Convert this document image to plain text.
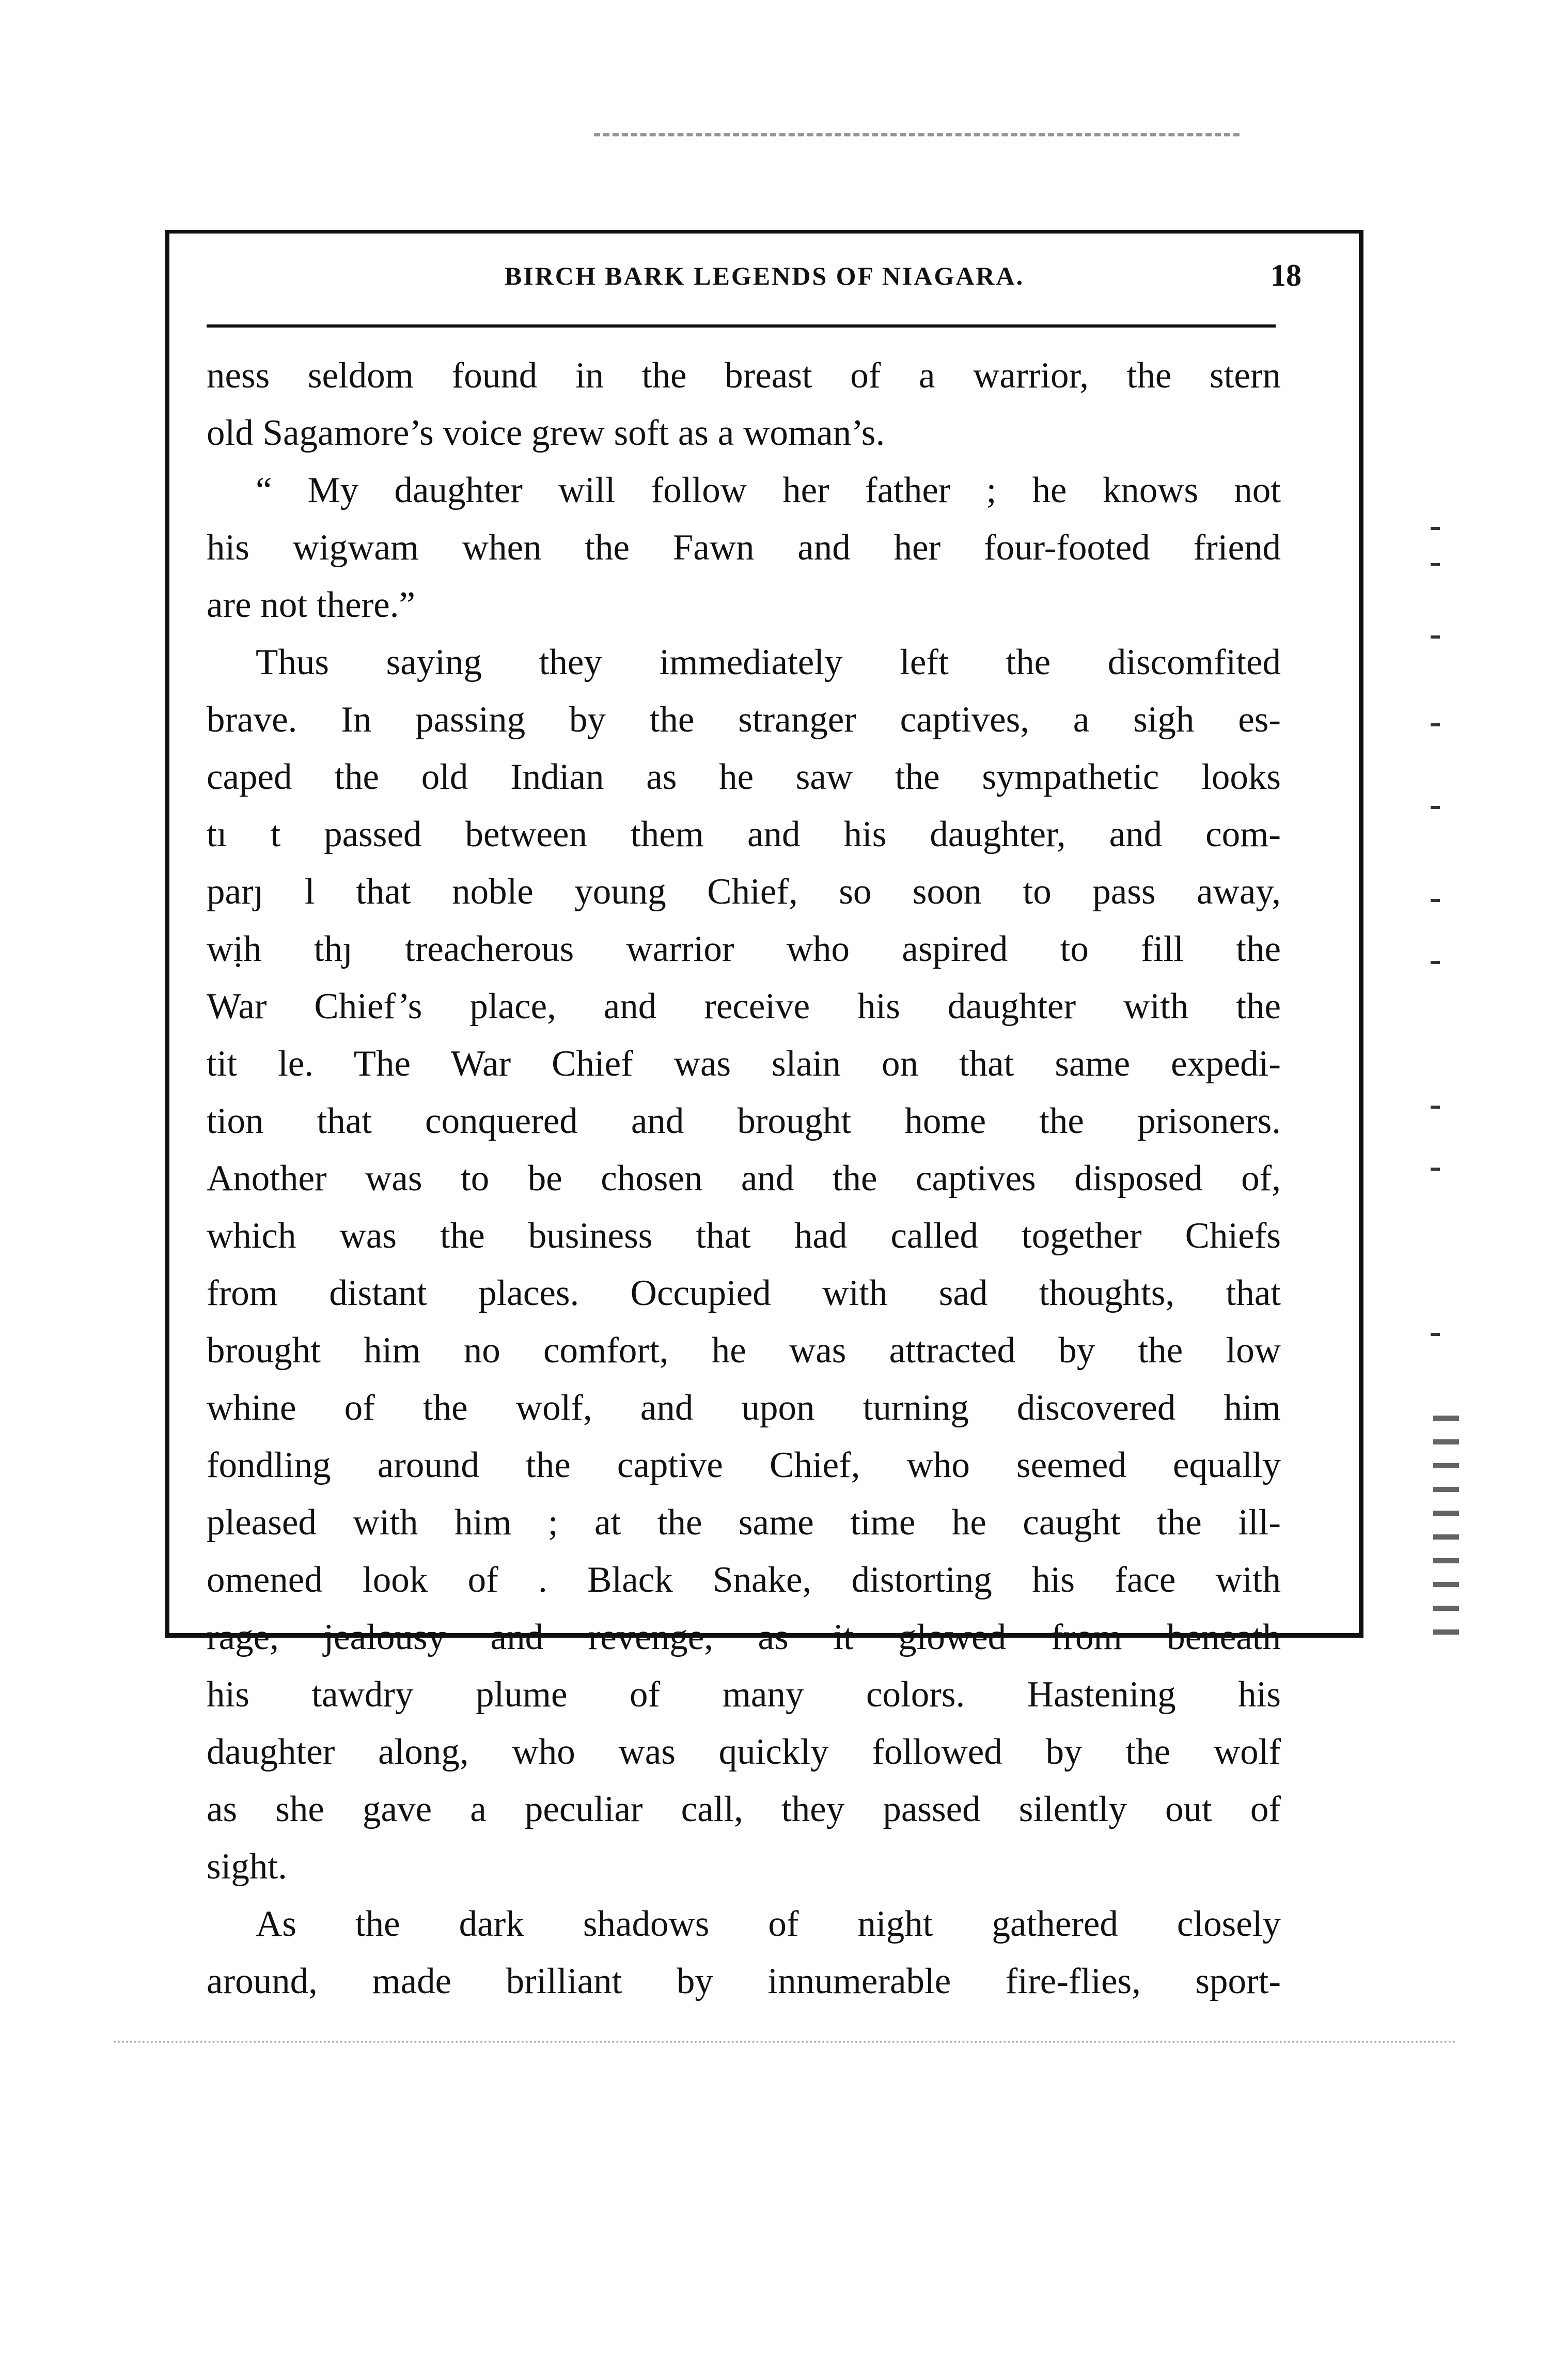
BIRCH BARK LEGENDS OF NIAGARA.	18
ness seldom found in the breast of a warrior, the stern
old Sagamore’s voice grew soft as a woman’s.
“ My daughter will follow her father ; he knows not
his wigwam when the Fawn and her four-footed friend
are not there.”
Thus saying they immediately left the discomfited
brave. In passing by the stranger captives, a sigh es-
caped the old Indian as he saw the sympathetic looks
tı t passed between them and his daughter, and com-
parȷ l that noble young Chief, so soon to pass away,
wịh thȷ treacherous warrior who aspired to fill the
War Chief’s place, and receive his daughter with the
tit le. The War Chief was slain on that same expedi-
tion that conquered and brought home the prisoners.
Another was to be chosen and the captives disposed of,
which was the business that had called together Chiefs
from distant places. Occupied with sad thoughts, that
brought him no comfort, he was attracted by the low
whine of the wolf, and upon turning discovered him
fondling around the captive Chief, who seemed equally
pleased with him ; at the same time he caught the ill-
omened look of . Black Snake, distorting his face with
rage, jealousy and revenge, as it glowed from beneath
his tawdry plume of many colors. Hastening his
daughter along, who was quickly followed by the wolf
as she gave a peculiar call, they passed silently out of
sight.
As the dark shadows of night gathered closely
around, made brilliant by innumerable fire-flies, sport-
